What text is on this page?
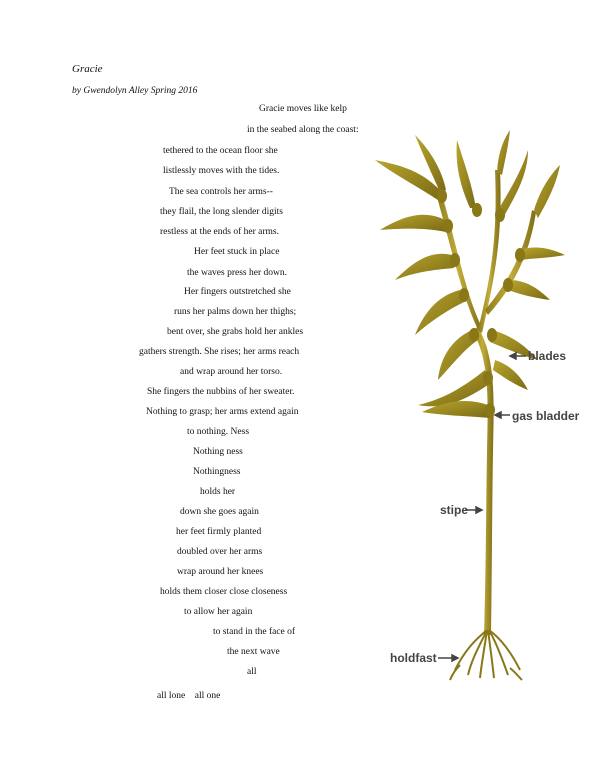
Gracie
by Gwendolyn Alley Spring 2016
Gracie moves like kelp
in the seabed along the coast:
tethered to the ocean floor she
listlessly moves with the tides.
The sea controls her arms--
they flail, the long slender digits
restless at the ends of her arms.
Her feet stuck in place
the waves press her down.
Her fingers outstretched she
runs her palms down her thighs;
bent over, she grabs hold her ankles
gathers strength. She rises; her arms reach
and wrap around her torso.
She fingers the nubbins of her sweater.
Nothing to grasp; her arms extend again
to nothing. Ness
Nothing ness
Nothingness
holds her
down she goes again
her feet firmly planted
doubled over her arms
wrap around her knees
holds them closer close closeness
to allow her again
to stand in the face of
the next wave
all
all lone    all one
blades
gas bladder
stipe
holdfast
